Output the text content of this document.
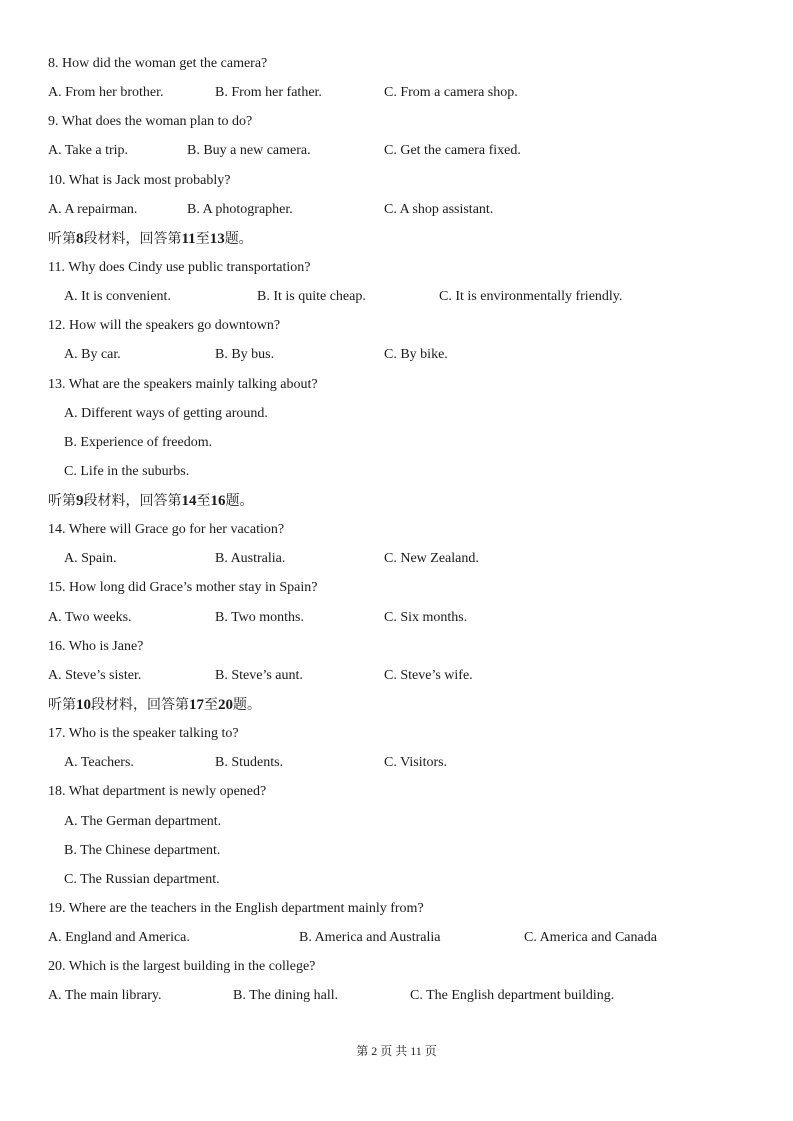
8. How did the woman get the camera?
A. From her brother.	B. From her father.	C. From a camera shop.
9. What does the woman plan to do?
A. Take a trip.	B. Buy a new camera.	C. Get the camera fixed.
10. What is Jack most probably?
A. A repairman.	B. A photographer.	C. A shop assistant.
听第8段材料，回答第11至13题。
11. Why does Cindy use public transportation?
A. It is convenient.	B. It is quite cheap.	C. It is environmentally friendly.
12. How will the speakers go downtown?
A. By car.	B. By bus.	C. By bike.
13. What are the speakers mainly talking about?
A. Different ways of getting around.
B. Experience of freedom.
C. Life in the suburbs.
听第9段材料，回答第14至16题。
14. Where will Grace go for her vacation?
A. Spain.	B. Australia.	C. New Zealand.
15. How long did Grace’s mother stay in Spain?
A. Two weeks.	B. Two months.	C. Six months.
16. Who is Jane?
A. Steve’s sister.	B. Steve’s aunt.	C. Steve’s wife.
听第10段材料，回答第17至20题。
17. Who is the speaker talking to?
A. Teachers.	B. Students.	C. Visitors.
18. What department is newly opened?
A. The German department.
B. The Chinese department.
C. The Russian department.
19. Where are the teachers in the English department mainly from?
A. England and America.	B. America and Australia	C. America and Canada
20. Which is the largest building in the college?
A. The main library.	B. The dining hall.	C. The English department building.
第 2 页 共 11 页
